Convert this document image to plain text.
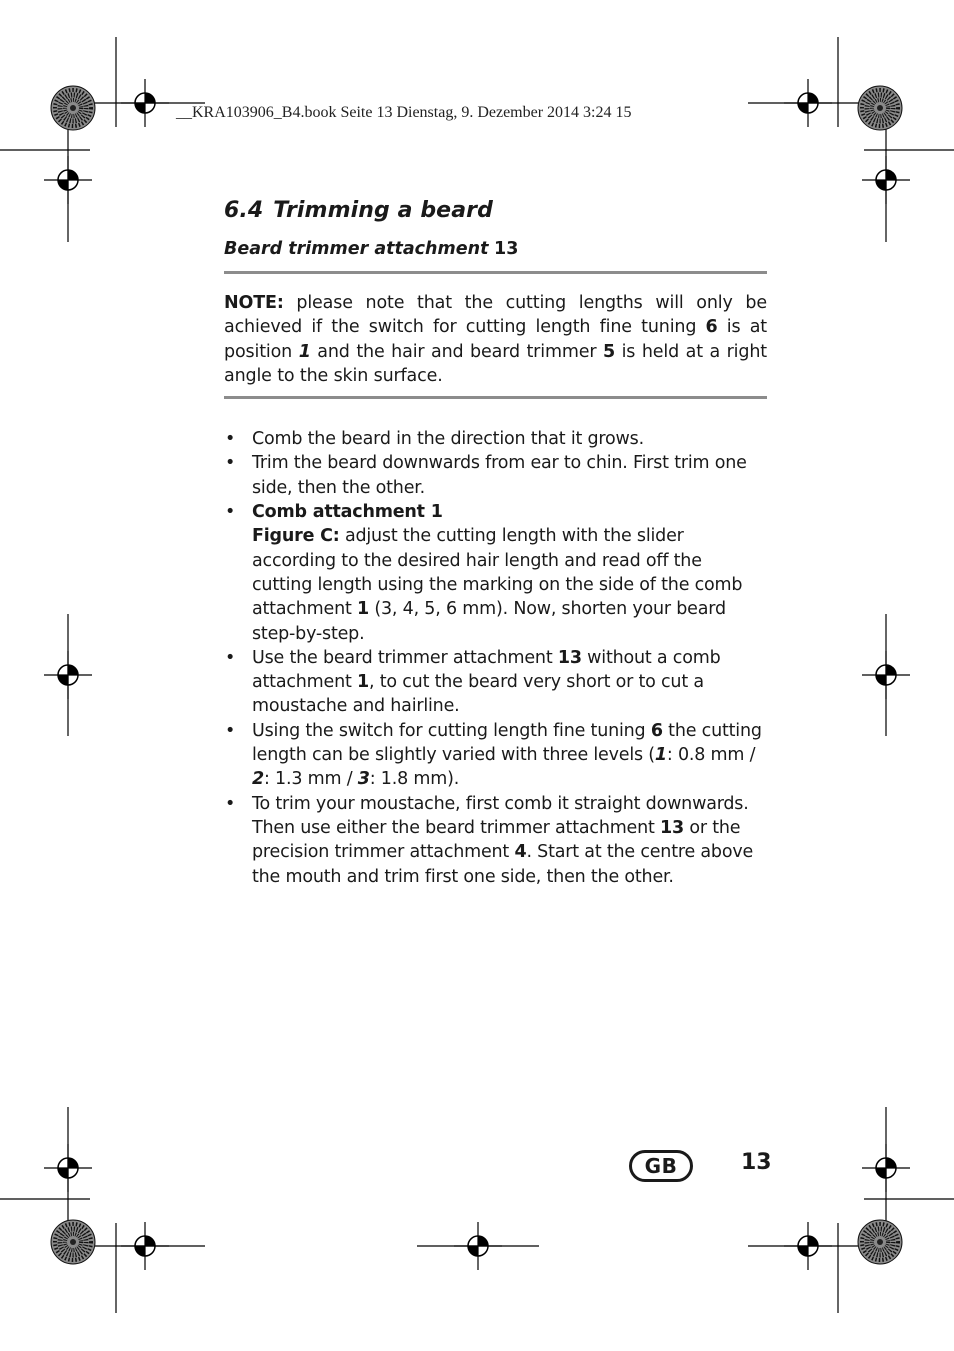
__KRA103906_B4.book Seite 13 Dienstag, 9. Dezember 2014 3:24 15
6.4 Trimming a beard
Beard trimmer attachment 13
NOTE: please note that the cutting lengths will only be achieved if the switch for cutting length fine tuning 6 is at position 1 and the hair and beard trimmer 5 is held at a right angle to the skin surface.
• Comb the beard in the direction that it grows.
• Trim the beard downwards from ear to chin. First trim one side, then the other.
• Comb attachment 1
Figure C: adjust the cutting length with the slider according to the desired hair length and read off the cutting length using the marking on the side of the comb attachment 1 (3, 4, 5, 6 mm). Now, shorten your beard step-by-step.
• Use the beard trimmer attachment 13 without a comb attachment 1, to cut the beard very short or to cut a moustache and hairline.
• Using the switch for cutting length fine tuning 6 the cutting length can be slightly varied with three levels (1: 0.8 mm / 2: 1.3 mm / 3: 1.8 mm).
• To trim your moustache, first comb it straight downwards. Then use either the beard trimmer attachment 13 or the precision trimmer attachment 4. Start at the centre above the mouth and trim first one side, then the other.
GB	13
